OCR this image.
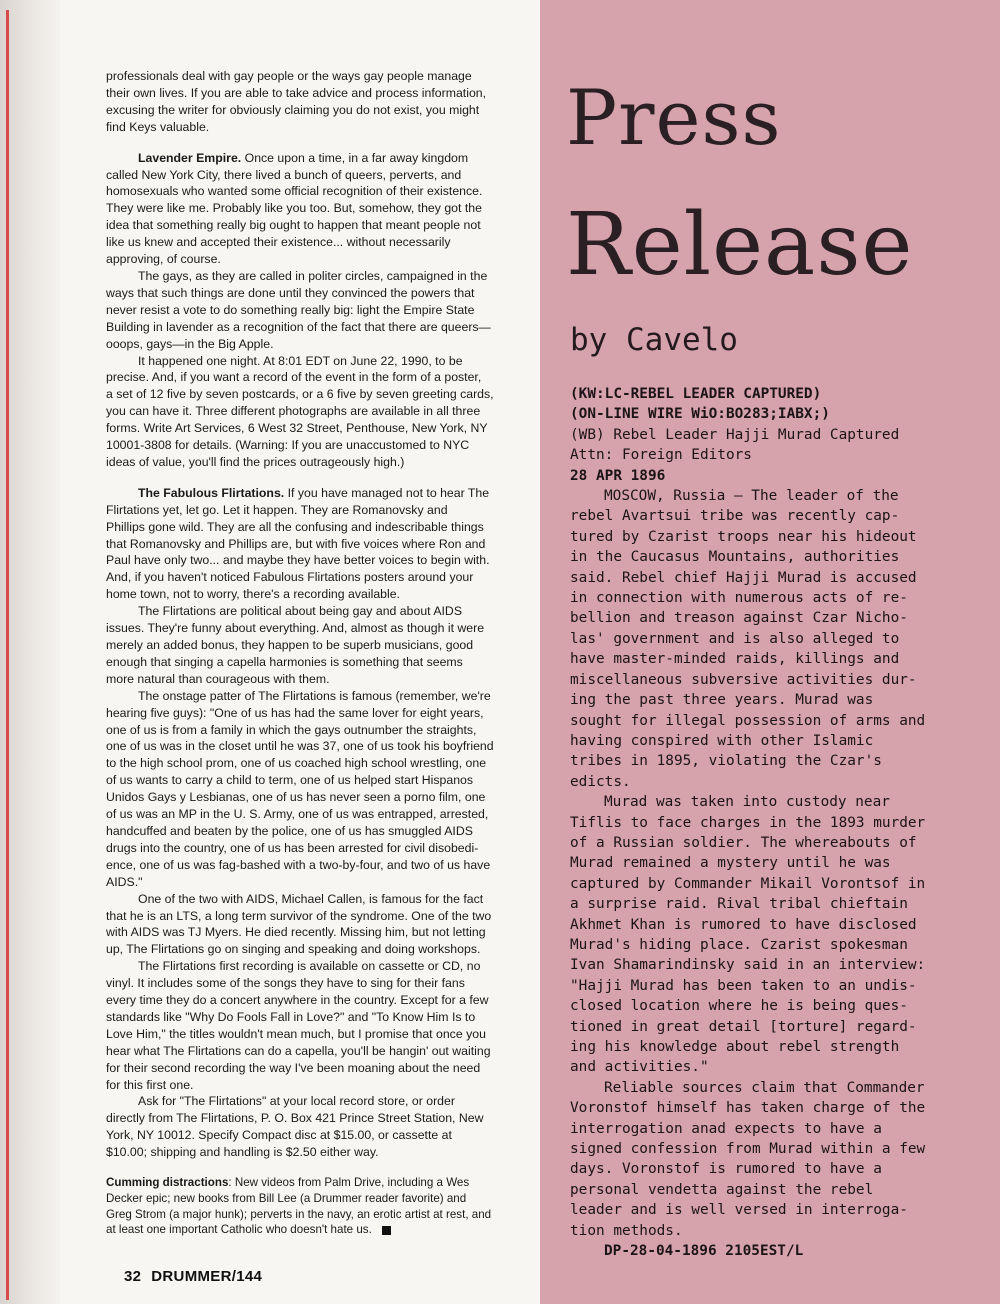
professionals deal with gay people or the ways gay people manage
their own lives. If you are able to take advice and process information,
excusing the writer for obviously claiming you do not exist, you might
find Keys valuable.

Lavender Empire. Once upon a time, in a far away kingdom
called New York City, there lived a bunch of queers, perverts, and
homosexuals who wanted some official recognition of their existence.
They were like me. Probably like you too. But, somehow, they got the
idea that something really big ought to happen that meant people not
like us knew and accepted their existence... without necessarily
approving, of course.

The gays, as they are called in politer circles, campaigned in the
ways that such things are done until they convinced the powers that
never resist a vote to do something really big: light the Empire State
Building in lavender as a recognition of the fact that there are queers—
ooops, gays—in the Big Apple.

It happened one night. At 8:01 EDT on June 22, 1990, to be
precise. And, if you want a record of the event in the form of a poster,
a set of 12 five by seven postcards, or a 6 five by seven greeting cards,
you can have it. Three different photographs are available in all three
forms. Write Art Services, 6 West 32 Street, Penthouse, New York, NY
10001-3808 for details. (Warning: If you are unaccustomed to NYC
ideas of value, you'll find the prices outrageously high.)

The Fabulous Flirtations. If you have managed not to hear The
Flirtations yet, let go. Let it happen. They are Romanovsky and
Phillips gone wild. They are all the confusing and indescribable things
that Romanovsky and Phillips are, but with five voices where Ron and
Paul have only two... and maybe they have better voices to begin with.
And, if you haven't noticed Fabulous Flirtations posters around your
home town, not to worry, there's a recording available.

The Flirtations are political about being gay and about AIDS
issues. They're funny about everything. And, almost as though it were
merely an added bonus, they happen to be superb musicians, good
enough that singing a capella harmonies is something that seems
more natural than courageous with them.

The onstage patter of The Flirtations is famous (remember, we're
hearing five guys): "One of us has had the same lover for eight years,
one of us is from a family in which the gays outnumber the straights,
one of us was in the closet until he was 37, one of us took his boyfriend
to the high school prom, one of us coached high school wrestling, one
of us wants to carry a child to term, one of us helped start Hispanos
Unidos Gays y Lesbianas, one of us has never seen a porno film, one
of us was an MP in the U. S. Army, one of us was entrapped, arrested,
handcuffed and beaten by the police, one of us has smuggled AIDS
drugs into the country, one of us has been arrested for civil disobedi-
ence, one of us was fag-bashed with a two-by-four, and two of us have
AIDS."

One of the two with AIDS, Michael Callen, is famous for the fact
that he is an LTS, a long term survivor of the syndrome. One of the two
with AIDS was TJ Myers. He died recently. Missing him, but not letting
up, The Flirtations go on singing and speaking and doing workshops.

The Flirtations first recording is available on cassette or CD, no
vinyl. It includes some of the songs they have to sing for their fans
every time they do a concert anywhere in the country. Except for a few
standards like "Why Do Fools Fall in Love?" and "To Know Him Is to
Love Him," the titles wouldn't mean much, but I promise that once you
hear what The Flirtations can do a capella, you'll be hangin' out waiting
for their second recording the way I've been moaning about the need
for this first one.

Ask for "The Flirtations" at your local record store, or order
directly from The Flirtations, P. O. Box 421 Prince Street Station, New
York, NY 10012. Specify Compact disc at $15.00, or cassette at
$10.00; shipping and handling is $2.50 either way.

Cumming distractions: New videos from Palm Drive, including a Wes
Decker epic; new books from Bill Lee (a Drummer reader favorite) and
Greg Strom (a major hunk); perverts in the navy, an erotic artist at rest, and
at least one important Catholic who doesn't hate us.

32 DRUMMER/144
Press
Release
by Cavelo

(KW:LC-REBEL LEADER CAPTURED)

(ON-LINE WIRE WiO:BO283;IABX;)

(WB) Rebel Leader Hajji Murad Captured

Attn: Foreign Editors

28 APR 1896

MOSCOW, Russia — The leader of the

rebel Avartsui tribe was recently cap-

tured by Czarist troops near his hideout

in the Caucasus Mountains, authorities

said. Rebel chief Hajji Murad is accused

in connection with numerous acts of re-

bellion and treason against Czar Nicho-

las' government and is also alleged to

have master-minded raids, killings and

miscellaneous subversive activities dur-

ing the past three years. Murad was

sought for illegal possession of arms and

having conspired with other Islamic

tribes in 1895, violating the Czar's

edicts.

Murad was taken into custody near

Tiflis to face charges in the 1893 murder

of a Russian soldier. The whereabouts of

Murad remained a mystery until he was

captured by Commander Mikail Vorontsof in

a surprise raid. Rival tribal chieftain

Akhmet Khan is rumored to have disclosed

Murad's hiding place. Czarist spokesman

Ivan Shamarindinsky said in an interview:

"Hajji Murad has been taken to an undis-

closed location where he is being ques-

tioned in great detail [torture] regard-

ing his knowledge about rebel strength

and activities."

Reliable sources claim that Commander

Voronstof himself has taken charge of the

interrogation anad expects to have a

signed confession from Murad within a few

days. Voronstof is rumored to have a

personal vendetta against the rebel

leader and is well versed in interroga-

tion methods.

DP-28-04-1896 2105EST/L
